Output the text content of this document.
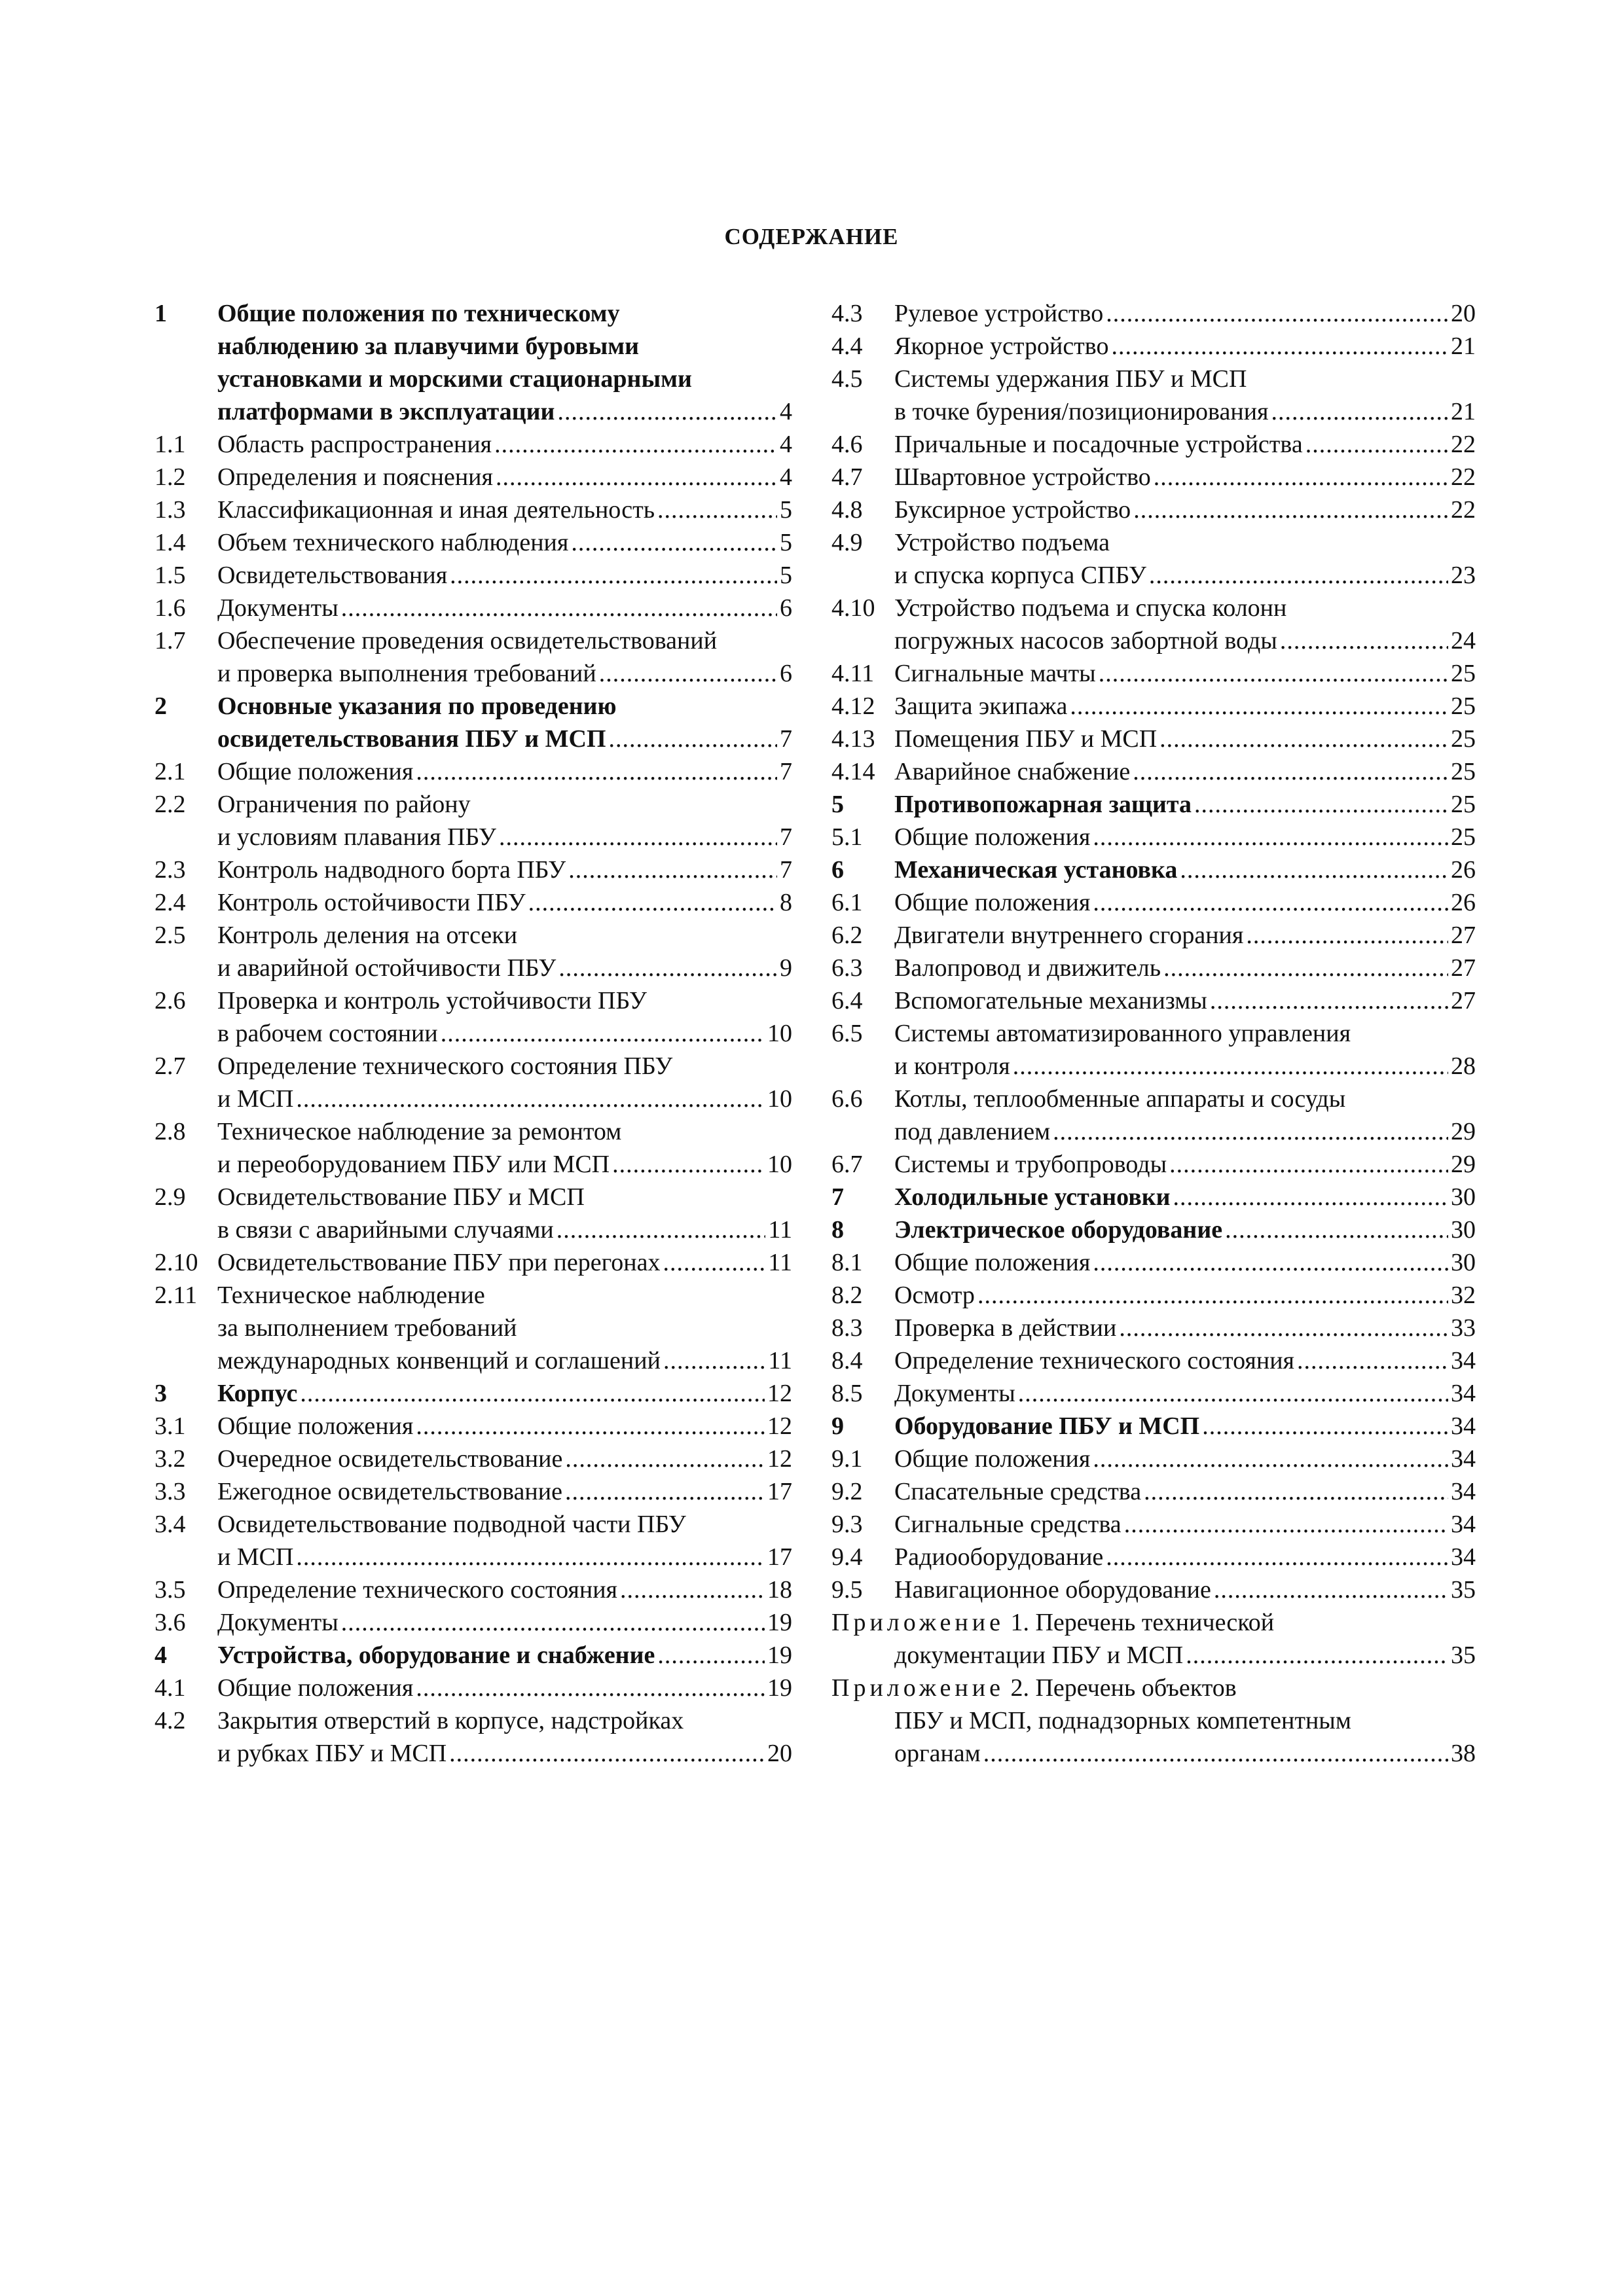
СОДЕРЖАНИЕ
1 Общие положения по техническому
наблюдению за плавучими буровыми
установками и морскими стационарными
платформами в эксплуатации .....	4
1.1 Область распространения .....	4
1.2 Определения и пояснения .....	4
1.3 Классификационная и иная деятельность .....	5
1.4 Объем технического наблюдения .....	5
1.5 Освидетельствования .....	5
1.6 Документы .....	6
1.7 Обеспечение проведения освидетельствований
и проверка выполнения требований .....	6
2 Основные указания по проведению
освидетельствования ПБУ и МСП .....	7
2.1 Общие положения .....	7
2.2 Ограничения по району
и условиям плавания ПБУ .....	7
2.3 Контроль надводного борта ПБУ .....	7
2.4 Контроль остойчивости ПБУ .....	8
2.5 Контроль деления на отсеки
и аварийной остойчивости ПБУ .....	9
2.6 Проверка и контроль устойчивости ПБУ
в рабочем состоянии .....	10
2.7 Определение технического состояния ПБУ
и МСП .....	10
2.8 Техническое наблюдение за ремонтом
и переоборудованием ПБУ или МСП .....	10
2.9 Освидетельствование ПБУ и МСП
в связи с аварийными случаями .....	11
2.10 Освидетельствование ПБУ при перегонах .....	11
2.11 Техническое наблюдение
за выполнением требований
международных конвенций и соглашений .....	11
3 Корпус .....	12
3.1 Общие положения .....	12
3.2 Очередное освидетельствование .....	12
3.3 Ежегодное освидетельствование .....	17
3.4 Освидетельствование подводной части ПБУ
и МСП .....	17
3.5 Определение технического состояния .....	18
3.6 Документы .....	19
4 Устройства, оборудование и снабжение .....	19
4.1 Общие положения .....	19
4.2 Закрытия отверстий в корпусе, надстройках
и рубках ПБУ и МСП .....	20
4.3 Рулевое устройство .....	20
4.4 Якорное устройство .....	21
4.5 Системы удержания ПБУ и МСП
в точке бурения/позиционирования .....	21
4.6 Причальные и посадочные устройства .....	22
4.7 Швартовное устройство .....	22
4.8 Буксирное устройство .....	22
4.9 Устройство подъема
и спуска корпуса СПБУ .....	23
4.10 Устройство подъема и спуска колонн
погружных насосов забортной воды .....	24
4.11 Сигнальные мачты .....	25
4.12 Защита экипажа .....	25
4.13 Помещения ПБУ и МСП .....	25
4.14 Аварийное снабжение .....	25
5 Противопожарная защита .....	25
5.1 Общие положения .....	25
6 Механическая установка .....	26
6.1 Общие положения .....	26
6.2 Двигатели внутреннего сгорания .....	27
6.3 Валопровод и движитель .....	27
6.4 Вспомогательные механизмы .....	27
6.5 Системы автоматизированного управления
и контроля .....	28
6.6 Котлы, теплообменные аппараты и сосуды
под давлением .....	29
6.7 Системы и трубопроводы .....	29
7 Холодильные установки .....	30
8 Электрическое оборудование .....	30
8.1 Общие положения .....	30
8.2 Осмотр .....	32
8.3 Проверка в действии .....	33
8.4 Определение технического состояния .....	34
8.5 Документы .....	34
9 Оборудование ПБУ и МСП .....	34
9.1 Общие положения .....	34
9.2 Спасательные средства .....	34
9.3 Сигнальные средства .....	34
9.4 Радиооборудование .....	34
9.5 Навигационное оборудование .....	35
Приложение 1. Перечень технической
документации ПБУ и МСП .....	35
Приложение 2. Перечень объектов
ПБУ и МСП, поднадзорных компетентным
органам .....	38
